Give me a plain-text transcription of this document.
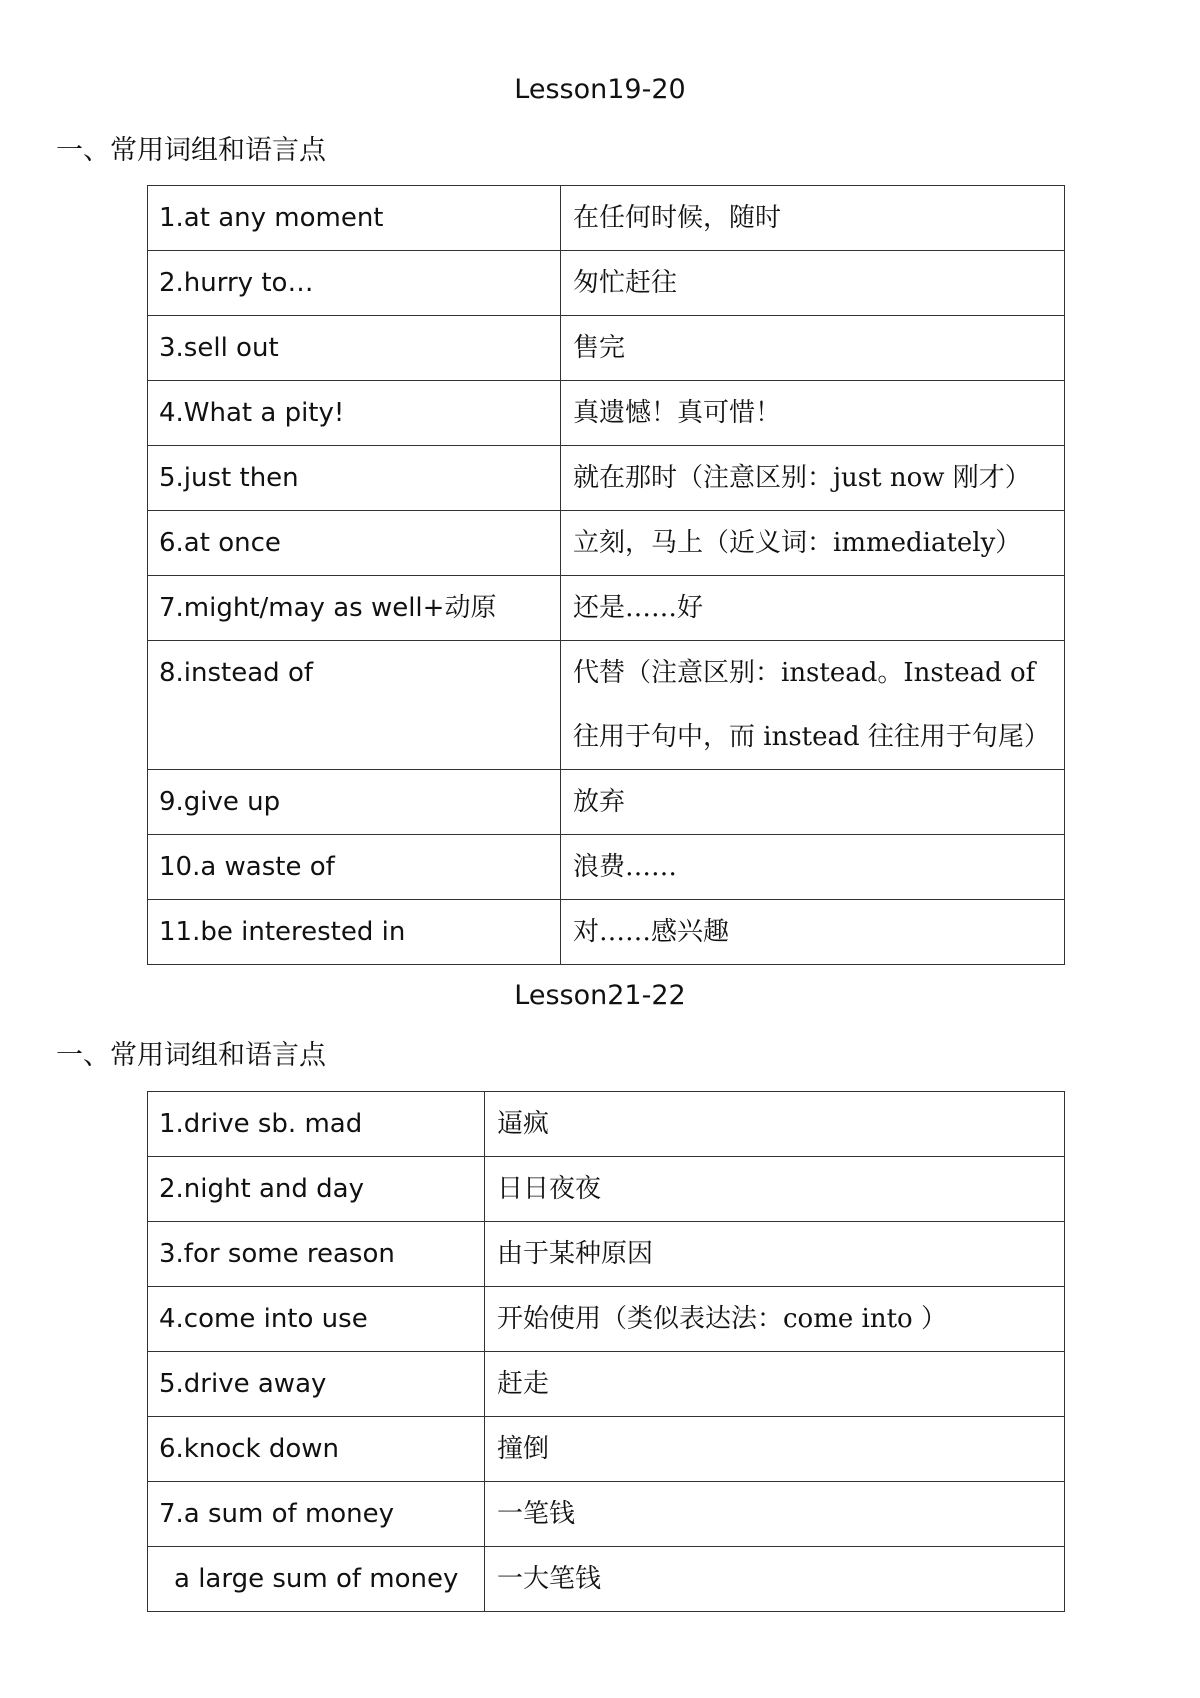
Lesson19-20
一、常用词组和语言点
1.at any moment	在任何时候，随时
2.hurry to…	匆忙赶往
3.sell out	售完
4.What a pity!	真遗憾！真可惜！
5.just then	就在那时（注意区别：just now 刚才）
6.at once	立刻，马上（近义词：immediately）
7.might/may as well+动原	还是……好
8.instead of	代替（注意区别：instead。Instead of 往用于句中，而 instead 往往用于句尾）
9.give up	放弃
10.a waste of	浪费……
11.be interested in	对……感兴趣
Lesson21-22
一、常用词组和语言点
1.drive sb. mad	逼疯
2.night and day	日日夜夜
3.for some reason	由于某种原因
4.come into use	开始使用（类似表达法：come into ）
5.drive away	赶走
6.knock down	撞倒
7.a sum of money	一笔钱
a large sum of money	一大笔钱
